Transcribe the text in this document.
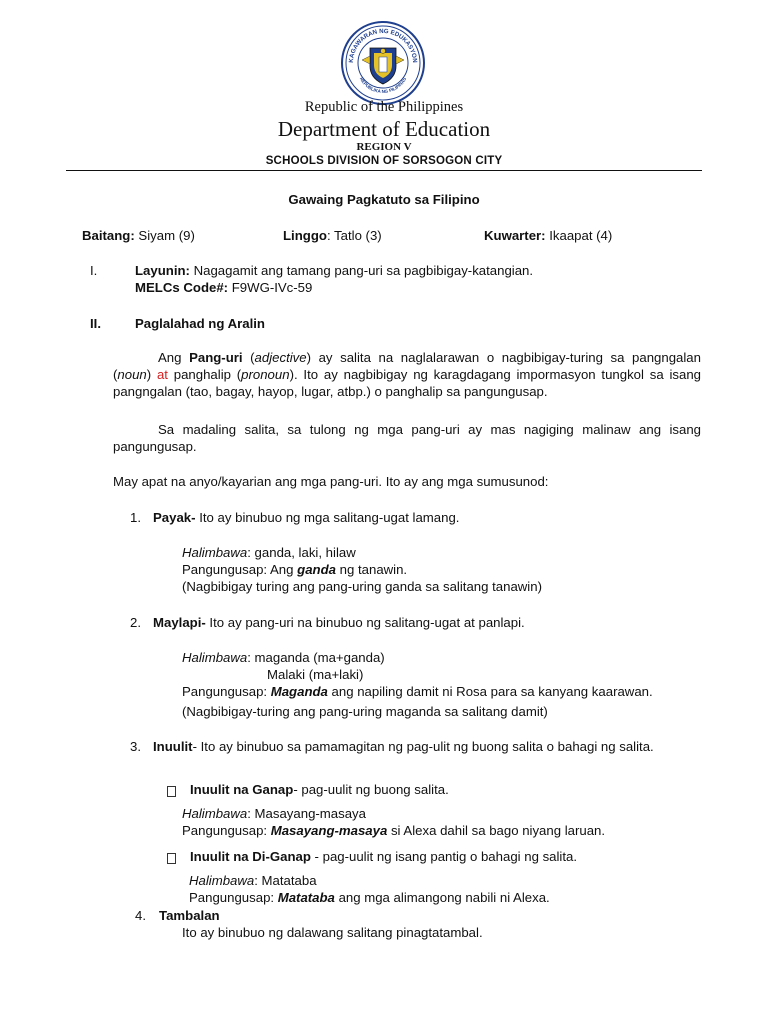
KAGAWARAN NG EDUKASYON
REPUBLIKA NG PILIPINAS
Republic of the Philippines
Department of Education
REGION V
SCHOOLS DIVISION OF SORSOGON CITY
Gawaing Pagkatuto sa Filipino
Baitang: Siyam (9)	Linggo: Tatlo (3)	Kuwarter: Ikaapat (4)
I.	Layunin: Nagagamit ang tamang pang-uri sa pagbibigay-katangian.
MELCs Code#: F9WG-IVc-59
II.	Paglalahad ng Aralin
Ang Pang-uri (adjective) ay salita na naglalarawan o nagbibigay-turing sa pangngalan (noun) at panghalip (pronoun). Ito ay nagbibigay ng karagdagang impormasyon tungkol sa isang pangngalan (tao, bagay, hayop, lugar, atbp.) o panghalip sa pangungusap.
Sa madaling salita, sa tulong ng mga pang-uri ay mas nagiging malinaw ang isang pangungusap.
May apat na anyo/kayarian ang mga pang-uri. Ito ay ang mga sumusunod:
1. Payak- Ito ay binubuo ng mga salitang-ugat lamang.
Halimbawa: ganda, laki, hilaw
Pangungusap: Ang ganda ng tanawin.
(Nagbibigay turing ang pang-uring ganda sa salitang tanawin)
2. Maylapi- Ito ay pang-uri na binubuo ng salitang-ugat at panlapi.
Halimbawa: maganda (ma+ganda)
Malaki (ma+laki)
Pangungusap: Maganda ang napiling damit ni Rosa para sa kanyang kaarawan.
(Nagbibigay-turing ang pang-uring maganda sa salitang damit)
3. Inuulit- Ito ay binubuo sa pamamagitan ng pag-ulit ng buong salita o bahagi ng salita.
Inuulit na Ganap- pag-uulit ng buong salita.
Halimbawa: Masayang-masaya
Pangungusap: Masayang-masaya si Alexa dahil sa bago niyang laruan.
Inuulit na Di-Ganap - pag-uulit ng isang pantig o bahagi ng salita.
Halimbawa: Matataba
Pangungusap: Matataba ang mga alimangong nabili ni Alexa.
4. Tambalan
Ito ay binubuo ng dalawang salitang pinagtatambal.
